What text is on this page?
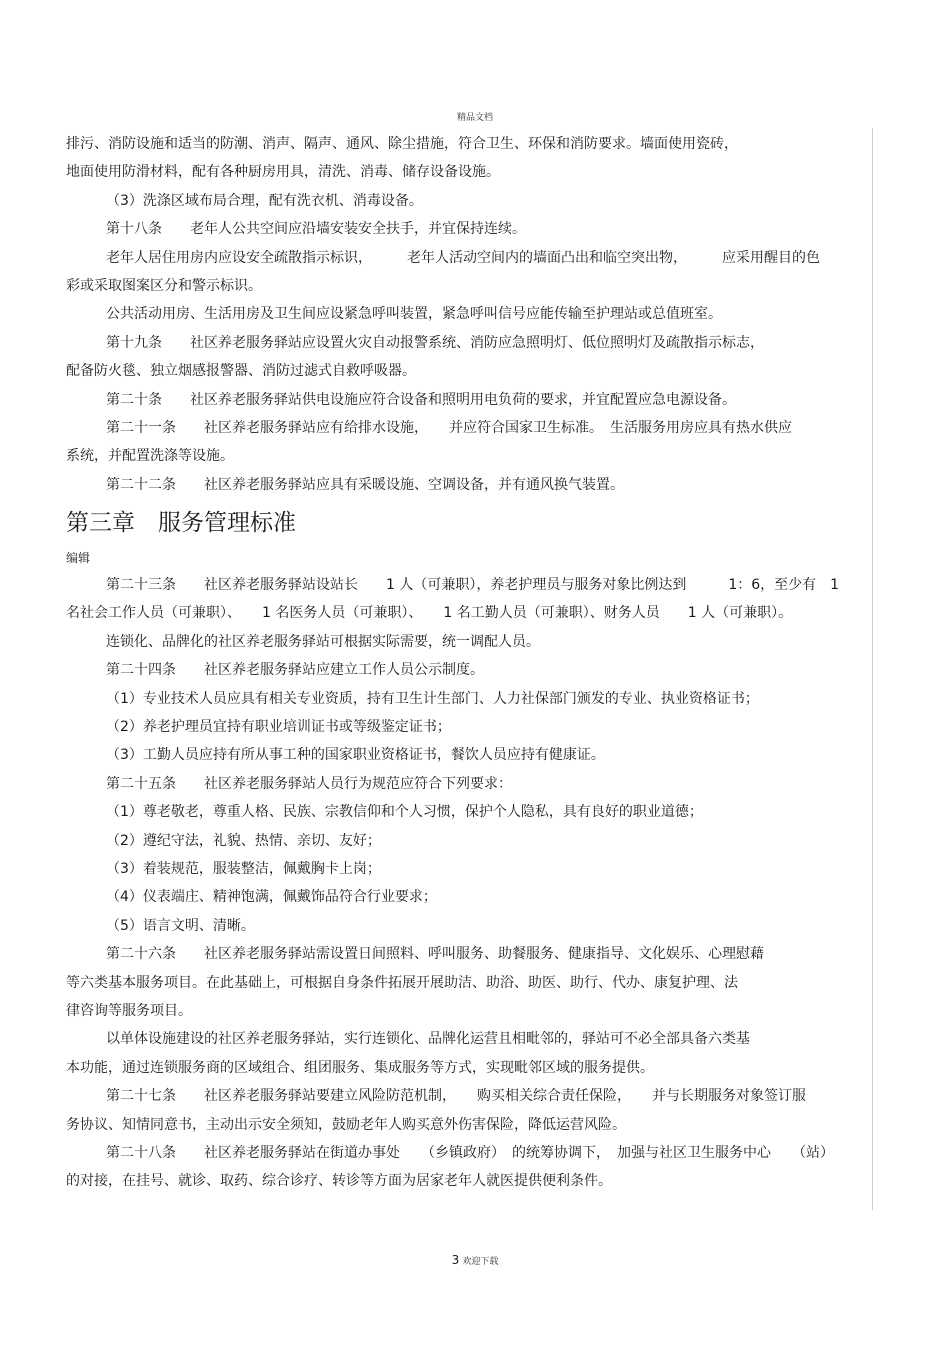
精品文档
排污、消防设施和适当的防潮、消声、隔声、通风、除尘措施，符合卫生、环保和消防要求。墙面使用瓷砖，
地面使用防滑材料，配有各种厨房用具，清洗、消毒、储存设备设施。
（3）洗涤区域布局合理，配有洗衣机、消毒设备。
第十八条　　老年人公共空间应沿墙安装安全扶手，并宜保持连续。
老年人居住用房内应设安全疏散指示标识，　　　老年人活动空间内的墙面凸出和临空突出物，　　　应采用醒目的色
彩或采取图案区分和警示标识。
公共活动用房、生活用房及卫生间应设紧急呼叫装置，紧急呼叫信号应能传输至护理站或总值班室。
第十九条　　社区养老服务驿站应设置火灾自动报警系统、消防应急照明灯、低位照明灯及疏散指示标志，
配备防火毯、独立烟感报警器、消防过滤式自救呼吸器。
第二十条　　社区养老服务驿站供电设施应符合设备和照明用电负荷的要求，并宜配置应急电源设备。
第二十一条　　社区养老服务驿站应有给排水设施，　　并应符合国家卫生标准。　生活服务用房应具有热水供应
系统，并配置洗涤等设施。
第二十二条　　社区养老服务驿站应具有采暖设施、空调设备，并有通风换气装置。
第三章　服务管理标准
编辑
第二十三条　　社区养老服务驿站设站长　　1 人（可兼职），养老护理员与服务对象比例达到　　　1：6，至少有　1
名社会工作人员（可兼职）、　　1 名医务人员（可兼职）、　　1 名工勤人员（可兼职）、财务人员　　1 人（可兼职）。
连锁化、品牌化的社区养老服务驿站可根据实际需要，统一调配人员。
第二十四条　　社区养老服务驿站应建立工作人员公示制度。
（1）专业技术人员应具有相关专业资质，持有卫生计生部门、人力社保部门颁发的专业、执业资格证书；
（2）养老护理员宜持有职业培训证书或等级鉴定证书；
（3）工勤人员应持有所从事工种的国家职业资格证书，餐饮人员应持有健康证。
第二十五条　　社区养老服务驿站人员行为规范应符合下列要求：
（1）尊老敬老，尊重人格、民族、宗教信仰和个人习惯，保护个人隐私，具有良好的职业道德；
（2）遵纪守法，礼貌、热情、亲切、友好；
（3）着装规范，服装整洁，佩戴胸卡上岗；
（4）仪表端庄、精神饱满，佩戴饰品符合行业要求；
（5）语言文明、清晰。
第二十六条　　社区养老服务驿站需设置日间照料、呼叫服务、助餐服务、健康指导、文化娱乐、心理慰藉
等六类基本服务项目。在此基础上，可根据自身条件拓展开展助洁、助浴、助医、助行、代办、康复护理、法
律咨询等服务项目。
以单体设施建设的社区养老服务驿站，实行连锁化、品牌化运营且相毗邻的，驿站可不必全部具备六类基
本功能，通过连锁服务商的区域组合、组团服务、集成服务等方式，实现毗邻区域的服务提供。
第二十七条　　社区养老服务驿站要建立风险防范机制，　　购买相关综合责任保险，　　并与长期服务对象签订服
务协议、知情同意书，主动出示安全须知，鼓励老年人购买意外伤害保险，降低运营风险。
第二十八条　　社区养老服务驿站在街道办事处　　（乡镇政府）　的统筹协调下，　加强与社区卫生服务中心　　（站）
的对接，在挂号、就诊、取药、综合诊疗、转诊等方面为居家老年人就医提供便利条件。
3 欢迎下载
